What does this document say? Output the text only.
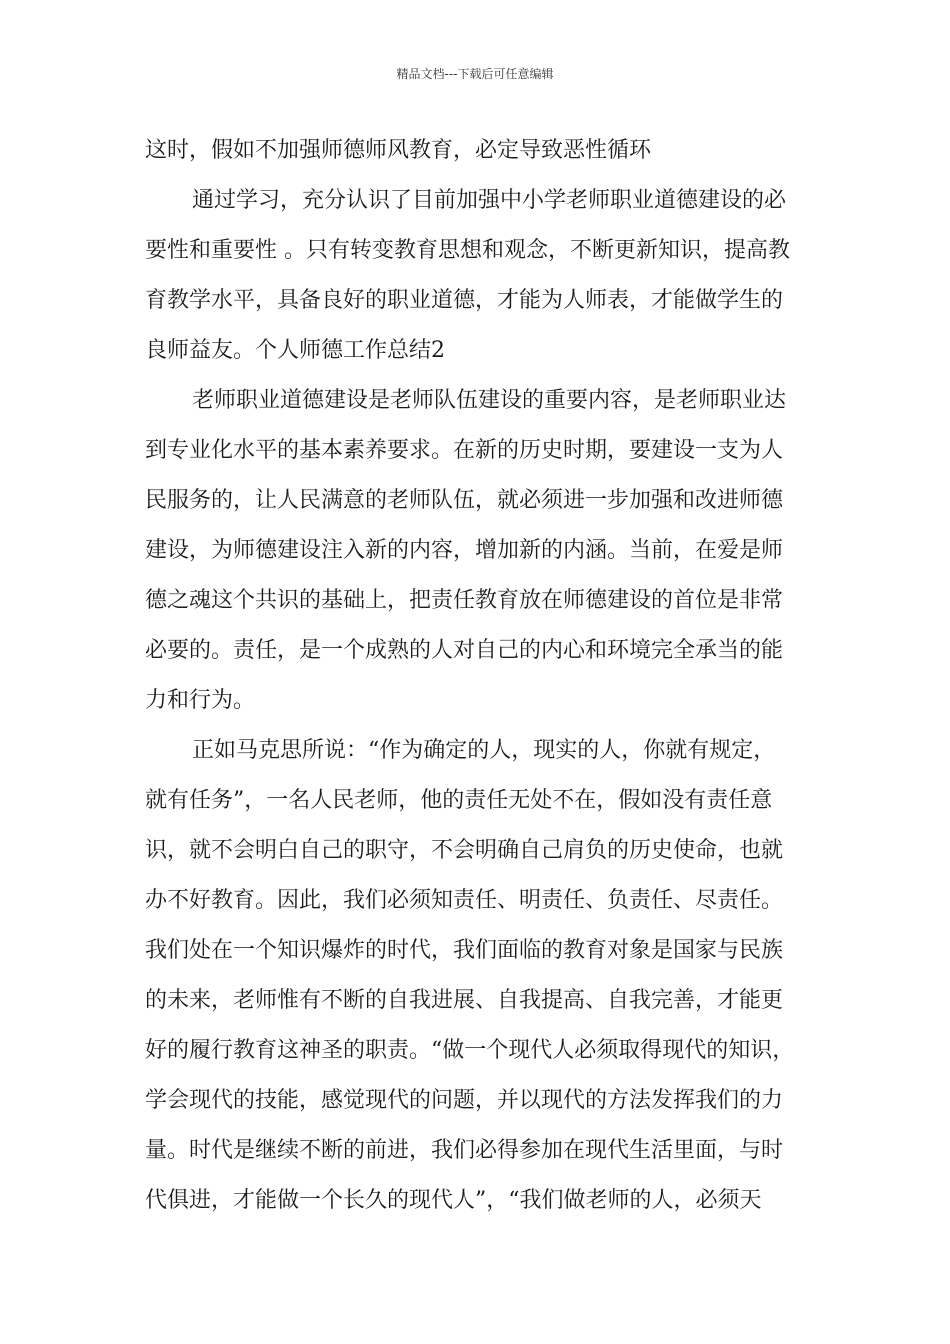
精品文档---下载后可任意编辑
这时，假如不加强师德师风教育，必定导致恶性循环
通过学习，充分认识了目前加强中小学老师职业道德建设的必
要性和重要性 。只有转变教育思想和观念，不断更新知识，提高教
育教学水平，具备良好的职业道德，才能为人师表，才能做学生的
良师益友。个人师德工作总结2
老师职业道德建设是老师队伍建设的重要内容，是老师职业达
到专业化水平的基本素养要求。在新的历史时期，要建设一支为人
民服务的，让人民满意的老师队伍，就必须进一步加强和改进师德
建设，为师德建设注入新的内容，增加新的内涵。当前，在爱是师
德之魂这个共识的基础上，把责任教育放在师德建设的首位是非常
必要的。责任，是一个成熟的人对自己的内心和环境完全承当的能
力和行为。
正如马克思所说：“作为确定的人，现实的人，你就有规定，
就有任务”，一名人民老师，他的责任无处不在，假如没有责任意
识，就不会明白自己的职守，不会明确自己肩负的历史使命，也就
办不好教育。因此，我们必须知责任、明责任、负责任、尽责任。
我们处在一个知识爆炸的时代，我们面临的教育对象是国家与民族
的未来，老师惟有不断的自我进展、自我提高、自我完善，才能更
好的履行教育这神圣的职责。“做一个现代人必须取得现代的知识，
学会现代的技能，感觉现代的问题，并以现代的方法发挥我们的力
量。时代是继续不断的前进，我们必得参加在现代生活里面，与时
代俱进，才能做一个长久的现代人”，“我们做老师的人，必须天
